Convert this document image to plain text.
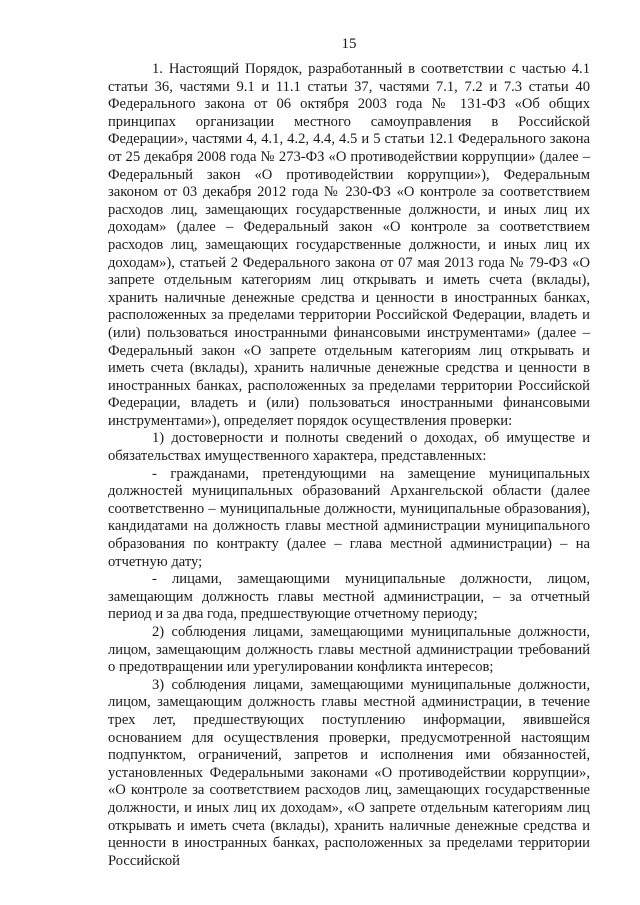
15

1. Настоящий Порядок, разработанный в соответствии с частью 4.1 статьи 36, частями 9.1 и 11.1 статьи 37, частями 7.1, 7.2 и 7.3 статьи 40 Федерального закона от 06 октября 2003 года № 131-ФЗ «Об общих принципах организации местного самоуправления в Российской Федерации», частями 4, 4.1, 4.2, 4.4, 4.5 и 5 статьи 12.1 Федерального закона от 25 декабря 2008 года № 273-ФЗ «О противодействии коррупции» (далее – Федеральный закон «О противодействии коррупции»), Федеральным законом от 03 декабря 2012 года № 230-ФЗ «О контроле за соответствием расходов лиц, замещающих государственные должности, и иных лиц их доходам» (далее – Федеральный закон «О контроле за соответствием расходов лиц, замещающих государственные должности, и иных лиц их доходам»), статьей 2 Федерального закона от 07 мая 2013 года № 79-ФЗ «О запрете отдельным категориям лиц открывать и иметь счета (вклады), хранить наличные денежные средства и ценности в иностранных банках, расположенных за пределами территории Российской Федерации, владеть и (или) пользоваться иностранными финансовыми инструментами» (далее – Федеральный закон «О запрете отдельным категориям лиц открывать и иметь счета (вклады), хранить наличные денежные средства и ценности в иностранных банках, расположенных за пределами территории Российской Федерации, владеть и (или) пользоваться иностранными финансовыми инструментами»), определяет порядок осуществления проверки:

1) достоверности и полноты сведений о доходах, об имуществе и обязательствах имущественного характера, представленных:

- гражданами, претендующими на замещение муниципальных должностей муниципальных образований Архангельской области (далее соответственно – муниципальные должности, муниципальные образования), кандидатами на должность главы местной администрации муниципального образования по контракту (далее – глава местной администрации) – на отчетную дату;

- лицами, замещающими муниципальные должности, лицом, замещающим должность главы местной администрации, – за отчетный период и за два года, предшествующие отчетному периоду;

2) соблюдения лицами, замещающими муниципальные должности, лицом, замещающим должность главы местной администрации требований о предотвращении или урегулировании конфликта интересов;

3) соблюдения лицами, замещающими муниципальные должности, лицом, замещающим должность главы местной администрации, в течение трех лет, предшествующих поступлению информации, явившейся основанием для осуществления проверки, предусмотренной настоящим подпунктом, ограничений, запретов и исполнения ими обязанностей, установленных Федеральными законами «О противодействии коррупции», «О контроле за соответствием расходов лиц, замещающих государственные должности, и иных лиц их доходам», «О запрете отдельным категориям лиц открывать и иметь счета (вклады), хранить наличные денежные средства и ценности в иностранных банках, расположенных за пределами территории Российской
